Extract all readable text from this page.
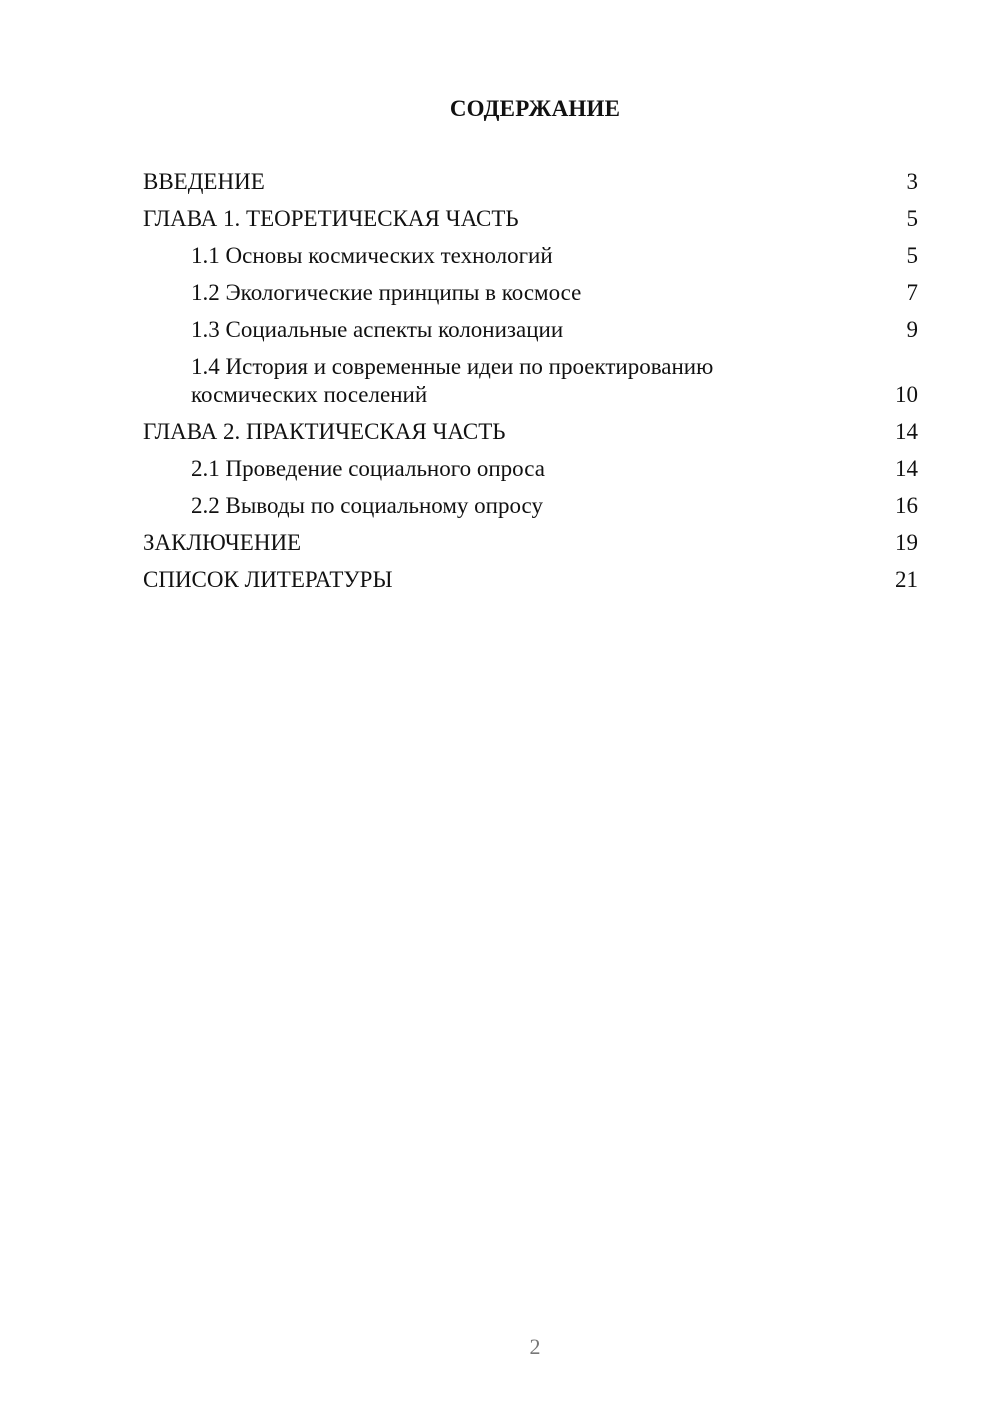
СОДЕРЖАНИЕ
ВВЕДЕНИЕ	3
ГЛАВА 1. ТЕОРЕТИЧЕСКАЯ ЧАСТЬ	5
1.1 Основы космических технологий	5
1.2 Экологические принципы в космосе	7
1.3 Социальные аспекты колонизации	9
1.4 История и современные идеи по проектированию космических поселений	10
ГЛАВА 2. ПРАКТИЧЕСКАЯ ЧАСТЬ	14
2.1 Проведение социального опроса	14
2.2 Выводы по социальному опросу	16
ЗАКЛЮЧЕНИЕ	19
СПИСОК ЛИТЕРАТУРЫ	21
2
